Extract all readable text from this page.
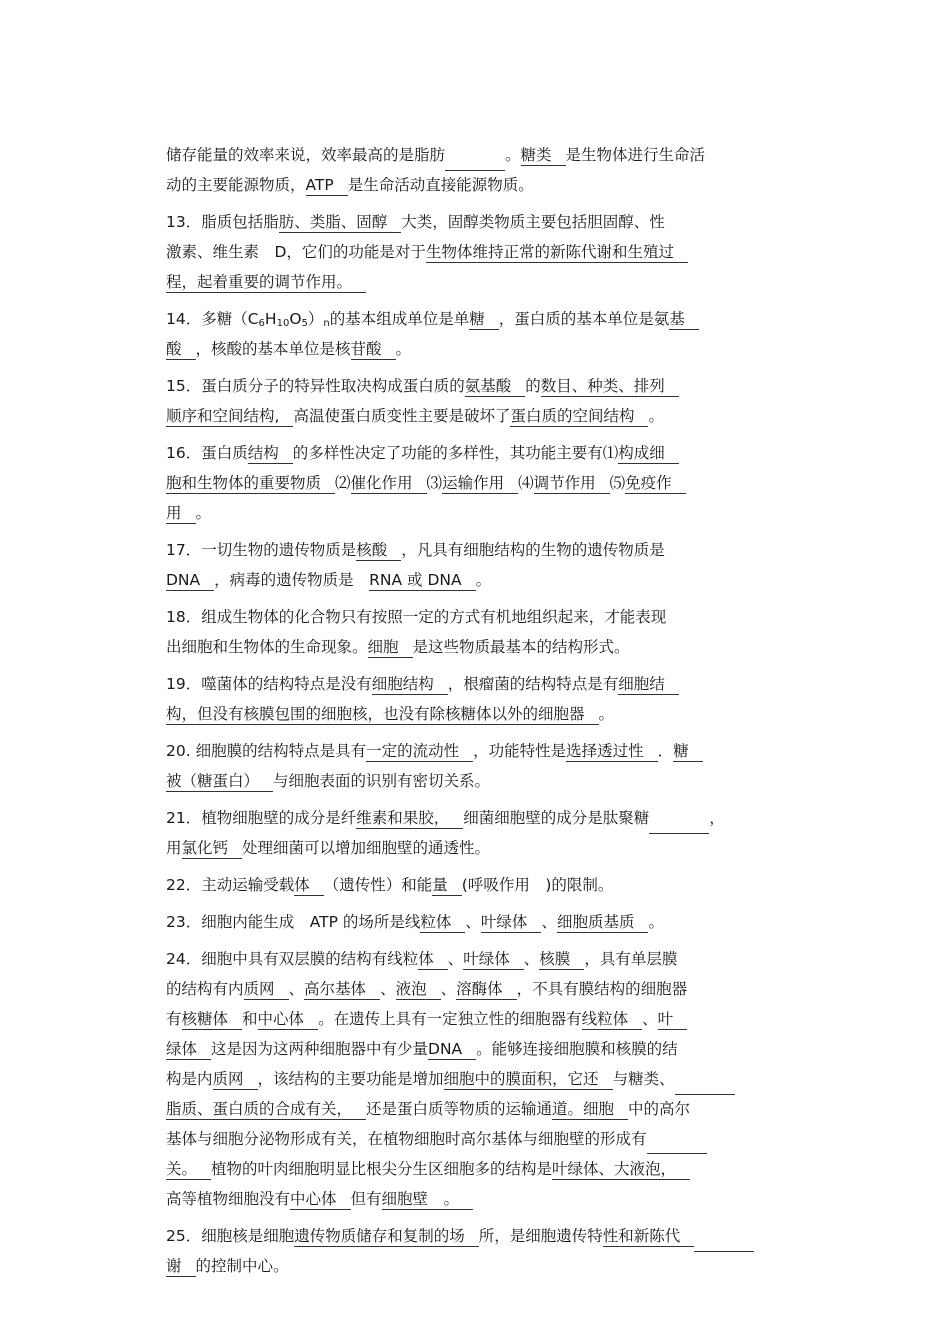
储存能量的效率来说，效率最高的是脂肪	。糖类 是生物体进行生命活
动的主要能源物质，ATP 是生命活动直接能源物质。
13．脂质包括脂肪、类脂、固醇 大类，固醇类物质主要包括胆固醇、性
激素、维生素　D，它们的功能是对于生物体维持正常的新陈代谢和生殖过
程，起着重要的调节作用。
14．多糖$(C_6H_{10}O_5)_n$的基本组成单位是单糖 ，蛋白质的基本单位是氨基
酸 ，核酸的基本单位是核苷酸 。
15．蛋白质分子的特异性取决构成蛋白质的氨基酸 的数目、种类、排列
顺序和空间结构, 高温使蛋白质变性主要是破坏了蛋白质的空间结构 。
16．蛋白质结构 的多样性决定了功能的多样性，其功能主要有⑴构成细
胞和生物体的重要物质 ⑵催化作用 ⑶运输作用 ⑷调节作用 ⑸免疫作
用 。
17．一切生物的遗传物质是核酸 ，凡具有细胞结构的生物的遗传物质是
DNA ，病毒的遗传物质是　RNA 或 DNA 。
18．组成生物体的化合物只有按照一定的方式有机地组织起来，才能表现
出细胞和生物体的生命现象。细胞 是这些物质最基本的结构形式。
19．噬菌体的结构特点是没有细胞结构 ，根瘤菌的结构特点是有细胞结
构，但没有核膜包围的细胞核，也没有除核糖体以外的细胞器 。
20. 细胞膜的结构特点是具有一定的流动性 ，功能特性是选择透过性 ．糖
被（糖蛋白） 与细胞表面的识别有密切关系。
21．植物细胞壁的成分是纤维素和果胶， 细菌细胞壁的成分是肽聚糖	，
用氯化钙 处理细菌可以增加细胞壁的通透性。
22．主动运输受载体 （遗传性）和能量 (呼吸作用　)的限制。
23．细胞内能生成　ATP 的场所是线粒体 、叶绿体 、细胞质基质 。
24．细胞中具有双层膜的结构有线粒体 、叶绿体 、核膜 ，具有单层膜
的结构有内质网 、高尔基体 、液泡 、溶酶体 ，不具有膜结构的细胞器
有核糖体 和中心体 。在遗传上具有一定独立性的细胞器有线粒体 、叶
绿体 这是因为这两种细胞器中有少量DNA 。能够连接细胞膜和核膜的结
构是内质网 ，该结构的主要功能是增加细胞中的膜面积，它还 与糖类、
脂质、蛋白质的合成有关， 还是蛋白质等物质的运输通道。细胞 中的高尔
基体与细胞分泌物形成有关，在植物细胞时高尔基体与细胞壁的形成有
关。 植物的叶肉细胞明显比根尖分生区细胞多的结构是叶绿体、大液泡，
高等植物细胞没有中心体 但有细胞壁　。
25．细胞核是细胞遗传物质储存和复制的场 所，是细胞遗传特性和新陈代
谢 的控制中心。
